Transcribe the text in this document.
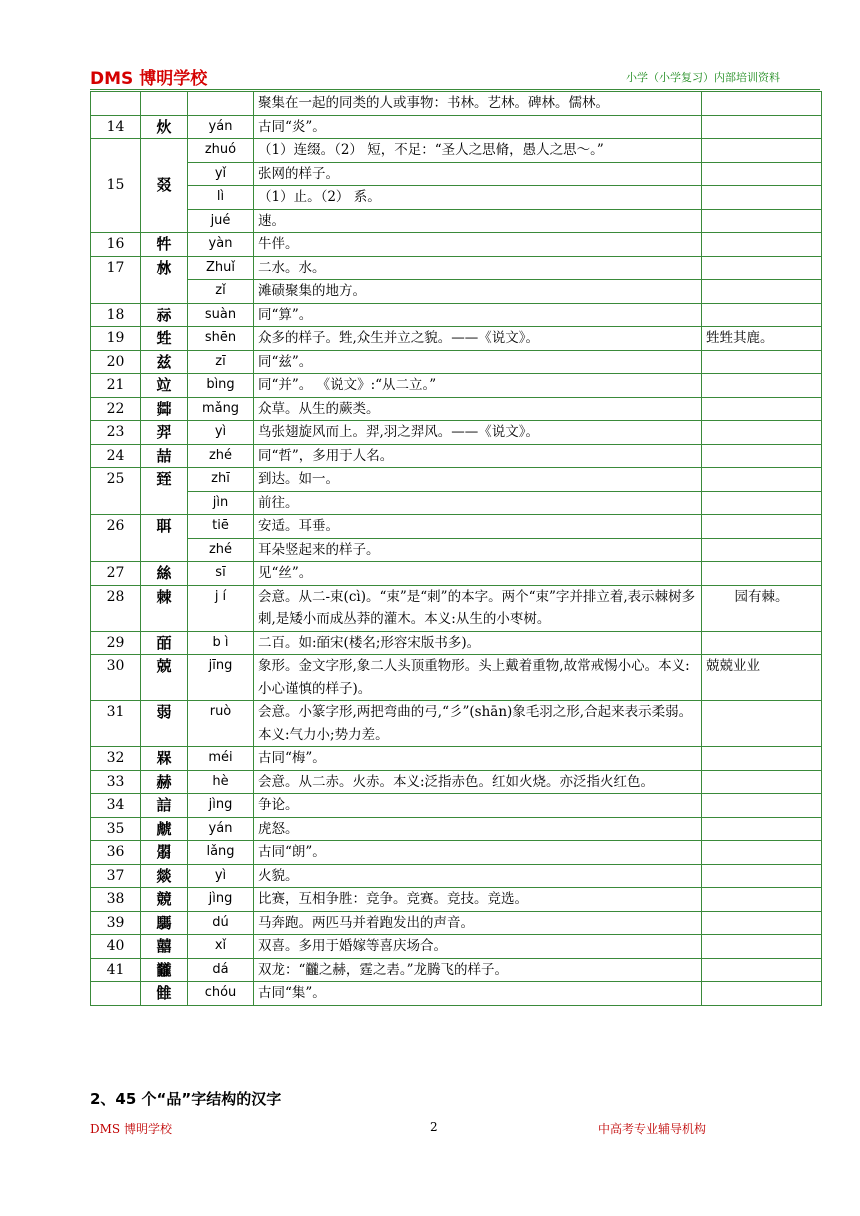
DMS 博明学校	小学（小学复习）内部培训资料
			聚集在一起的同类的人或事物：书林。艺林。碑林。儒林。	
14	炏	yán	古同“炎”。	
15	叕	zhuó	（1）连缀。（2） 短，不足：“圣人之思脩，愚人之思～。”	
		yǐ	张网的样子。	
		lì	（1）止。（2） 系。	
		jué	速。	
16	牪	yàn	牛伴。	
17	沝	Zhuǐ	二水。水。	
		zǐ	滩碛聚集的地方。	
18	祘	suàn	同“算”。	
19	甡	shēn	众多的样子。甡,众生并立之貌。——《说文》。	甡甡其鹿。
20	兹	zī	同“兹”。	
21	竝	bìng	同“并”。 《说文》:“从二立。”	
22	茻	mǎng	众草。从生的蕨类。	
23	羿	yì	鸟张翅旋风而上。羿,羽之羿风。——《说文》。	
24	喆	zhé	同“哲”，多用于人名。	
25	臸	zhī	到达。如一。	
		jìn	前往。	
26	聑	tiē	安适。耳垂。	
		zhé	耳朵竖起来的样子。	
27	絲	sī	见“丝”。	
28	棘	j í	会意。从二-束(cì)。“束”是“刺”的本字。两个“束”字并排立着,表示棘树多刺,是矮小而成丛莽的灌木。本义:从生的小枣树。	园有棘。
29	皕	b ì	二百。如:皕宋(楼名;形容宋版书多)。	
30	兢	jīng	象形。金文字形,象二人头顶重物形。头上戴着重物,故常戒惕小心。本义:小心谨慎的样子)。	兢兢业业
31	弱	ruò	会意。小篆字形,两把弯曲的弓,“彡”(shān)象毛羽之形,合起来表示柔弱。本义:气力小;势力差。	
32	槑	méi	古同“梅”。	
33	赫	hè	会意。从二赤。火赤。本义:泛指赤色。红如火烧。亦泛指火红色。	
34	誩	jìng	争论。	
35	虤	yán	虎怒。	
36	朤	lǎng	古同“朗”。	
37	燚	yì	火貌。	
38	競	jìng	比赛，互相争胜：竞争。竞赛。竞技。竞选。	
39	騳	dú	马奔跑。两匹马并着跑发出的声音。	
40	囍	xǐ	双喜。多用于婚嫁等喜庆场合。	
41	龖	dá	双龙：“龖之赫，霆之砉。”龙腾飞的样子。	
	雔	chóu	古同“集”。	
2、45 个“品”字结构的汉字
DMS 博明学校	2	中高考专业辅导机构
